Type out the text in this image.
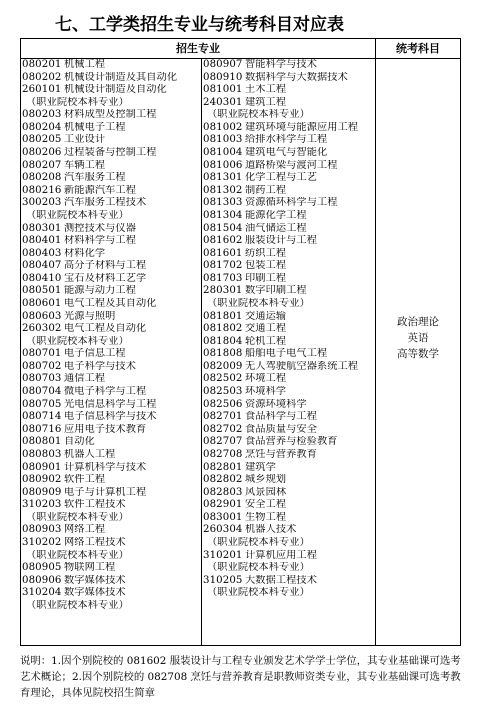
七、工学类招生专业与统考科目对应表
招生专业	统考科目
080201 机械工程
080202 机械设计制造及其自动化
260101 机械设计制造及自动化
（职业院校本科专业）
080203 材料成型及控制工程
080204 机械电子工程
080205 工业设计
080206 过程装备与控制工程
080207 车辆工程
080208 汽车服务工程
080216 新能源汽车工程
300203 汽车服务工程技术
（职业院校本科专业）
080301 测控技术与仪器
080401 材料科学与工程
080403 材料化学
080407 高分子材料与工程
080410 宝石及材料工艺学
080501 能源与动力工程
080601 电气工程及其自动化
080603 光源与照明
260302 电气工程及自动化
（职业院校本科专业）
080701 电子信息工程
080702 电子科学与技术
080703 通信工程
080704 微电子科学与工程
080705 光电信息科学与工程
080714 电子信息科学与技术
080716 应用电子技术教育
080801 自动化
080803 机器人工程
080901 计算机科学与技术
080902 软件工程
080909 电子与计算机工程
310203 软件工程技术
（职业院校本科专业）
080903 网络工程
310202 网络工程技术
（职业院校本科专业）
080905 物联网工程
080906 数字媒体技术
310204 数字媒体技术
（职业院校本科专业）
080907 智能科学与技术
080910 数据科学与大数据技术
081001 土木工程
240301 建筑工程
（职业院校本科专业）
081002 建筑环境与能源应用工程
081003 给排水科学与工程
081004 建筑电气与智能化
081006 道路桥梁与渡河工程
081301 化学工程与工艺
081302 制药工程
081303 资源循环科学与工程
081304 能源化学工程
081504 油气储运工程
081602 服装设计与工程
081601 纺织工程
081702 包装工程
081703 印刷工程
280301 数字印刷工程
（职业院校本科专业）
081801 交通运输
081802 交通工程
081804 轮机工程
081808 船舶电子电气工程
082009 无人驾驶航空器系统工程
082502 环境工程
082503 环境科学
082506 资源环境科学
082701 食品科学与工程
082702 食品质量与安全
082707 食品营养与检验教育
082708 烹饪与营养教育
082801 建筑学
082802 城乡规划
082803 风景园林
082901 安全工程
083001 生物工程
260304 机器人技术
（职业院校本科专业）
310201 计算机应用工程
（职业院校本科专业）
310205 大数据工程技术
（职业院校本科专业）
政治理论
英语
高等数学
说明：1.因个别院校的 081602 服装设计与工程专业颁发艺术学学士学位，其专业基础课可选考艺术概论；2.因个别院校的 082708 烹饪与营养教育是职教师资类专业，其专业基础课可选考教育理论，具体见院校招生简章
